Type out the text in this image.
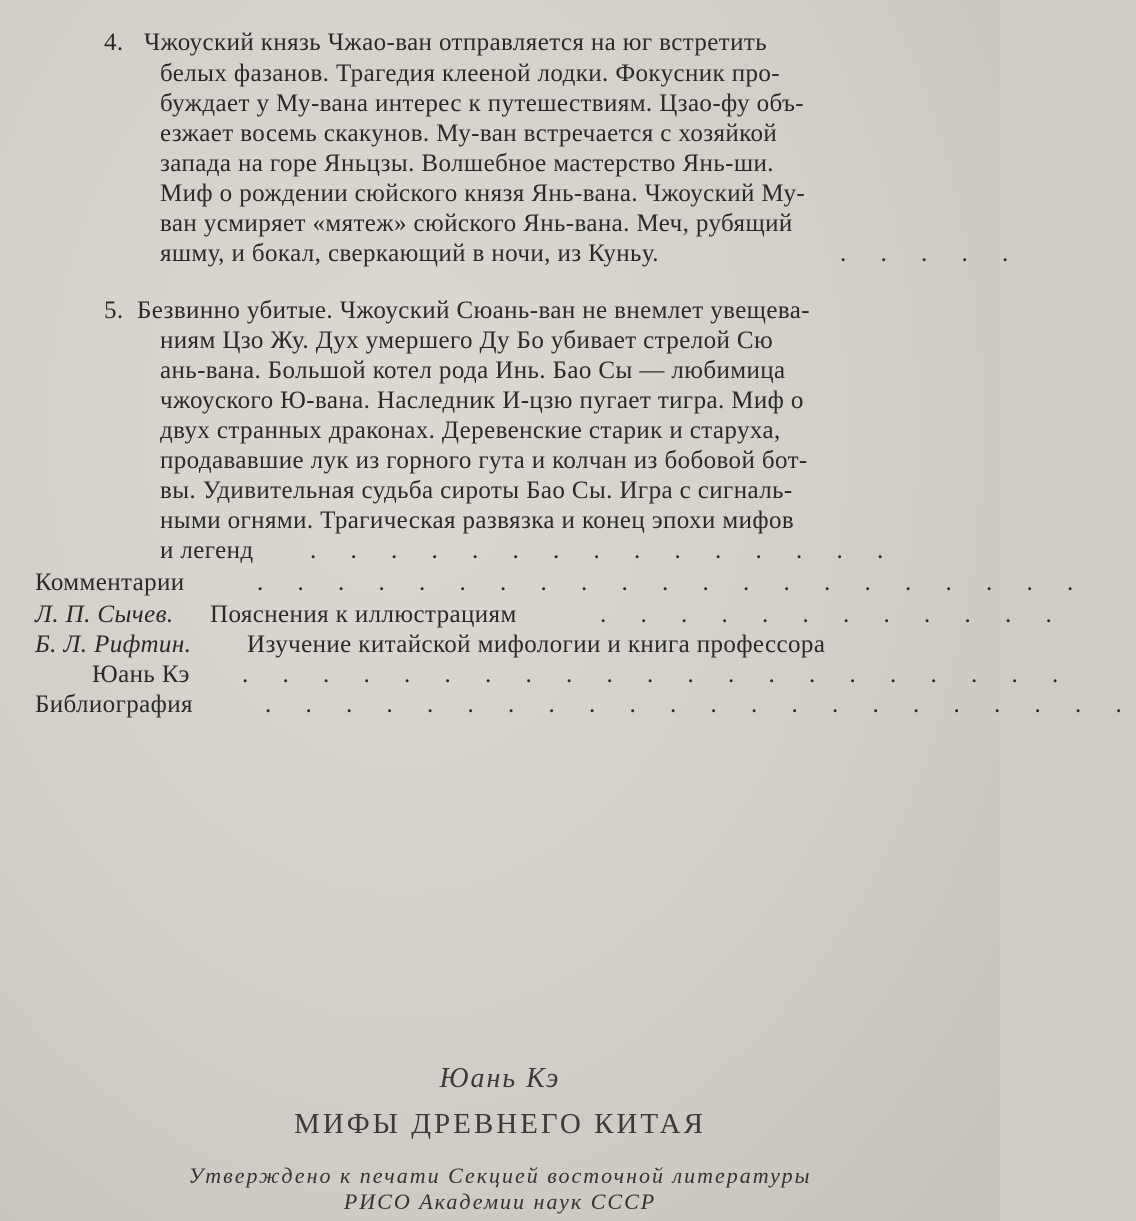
4. Чжоуский князь Чжао-ван отправляется на юг встретить
белых фазанов. Трагедия клееной лодки. Фокусник про-
буждает у Му-вана интерес к путешествиям. Цзао-фу объ-
езжает восемь скакунов. Му-ван встречается с хозяйкой
запада на горе Яньцзы. Волшебное мастерство Янь-ши.
Миф о рождении сюйского князя Янь-вана. Чжоуский Му-
ван усмиряет «мятеж» сюйского Янь-вана. Меч, рубящий
яшму, и бокал, сверкающий в ночи, из Куньу.	. . . . .
5. Безвинно убитые. Чжоуский Сюань-ван не внемлет увещева-
ниям Цзо Жу. Дух умершего Ду Бо убивает стрелой Сю
ань-вана. Большой котел рода Инь. Бао Сы — любимица
чжоуского Ю-вана. Наследник И-цзю пугает тигра. Миф о
двух странных драконах. Деревенские старик и старуха,
продававшие лук из горного гута и колчан из бобовой бот-
вы. Удивительная судьба сироты Бао Сы. Игра с сигналь-
ными огнями. Трагическая развязка и конец эпохи мифов
и легенд . . . . . . . . . . . . . . .
Комментарии	. . . . . . . . . . . . . . . . . . . . .
Л. П. Сычев. Пояснения к иллюстрациям	. . . . . . . . . . . .
Б. Л. Рифтин. Изучение китайской мифологии и книга профессора
Юань Кэ . . . . . . . . . . . . . . . . . . . . .
Библиография	. . . . . . . . . . . . . . . . . . . . . .
Юань Кэ
МИФЫ ДРЕВНЕГО КИТАЯ
Утверждено к печати Секцией восточной литературы
РИСО Академии наук СССР
